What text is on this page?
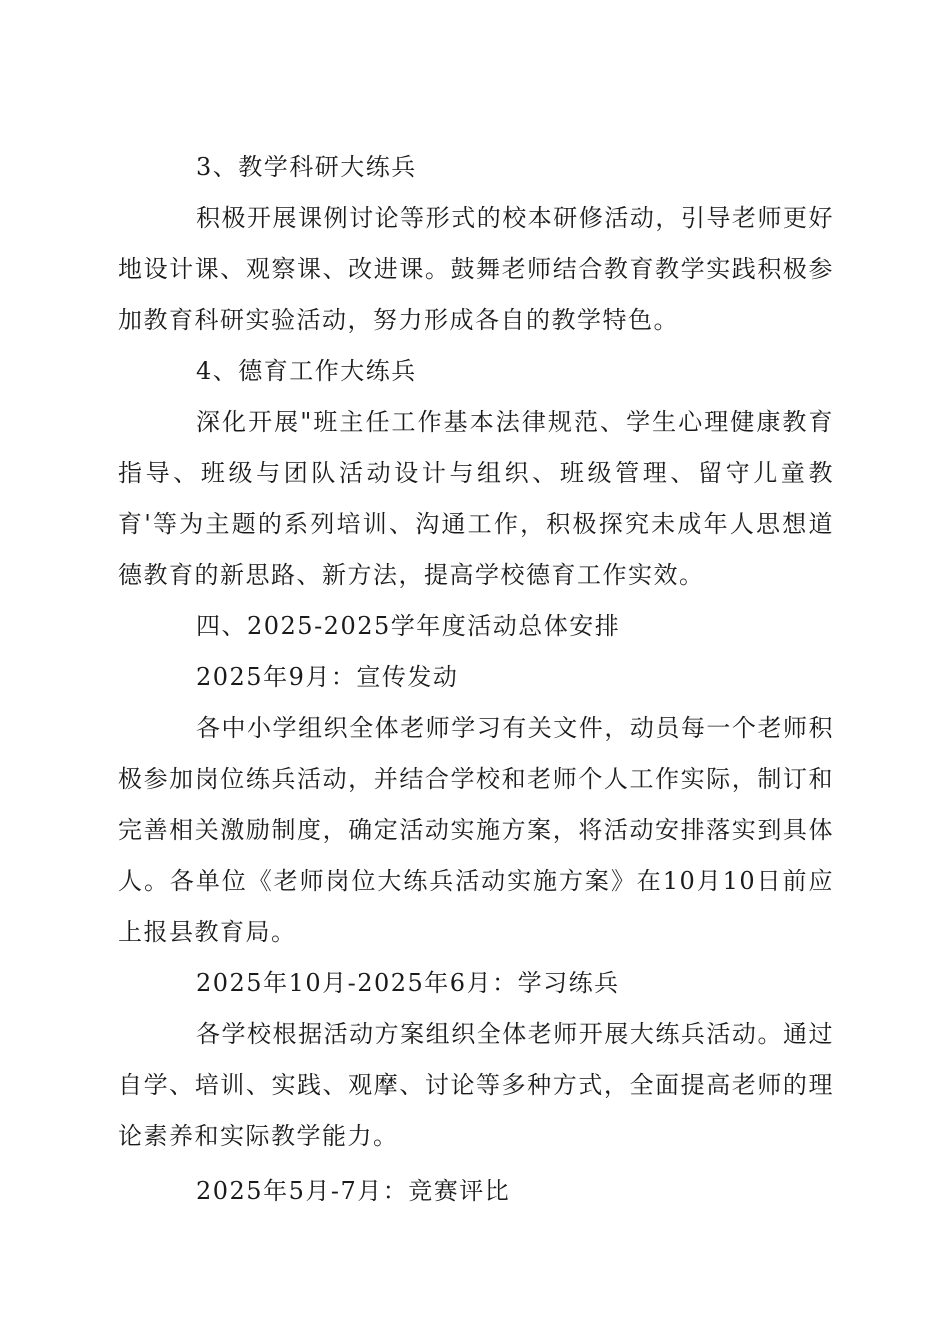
3、教学科研大练兵

积极开展课例讨论等形式的校本研修活动，引导老师更好地设计课、观察课、改进课。鼓舞老师结合教育教学实践积极参加教育科研实验活动，努力形成各自的教学特色。

4、德育工作大练兵

深化开展"班主任工作基本法律规范、学生心理健康教育指导、班级与团队活动设计与组织、班级管理、留守儿童教育'等为主题的系列培训、沟通工作，积极探究未成年人思想道德教育的新思路、新方法，提高学校德育工作实效。

四、2025-2025学年度活动总体安排

2025年9月：宣传发动

各中小学组织全体老师学习有关文件，动员每一个老师积极参加岗位练兵活动，并结合学校和老师个人工作实际，制订和完善相关激励制度，确定活动实施方案，将活动安排落实到具体人。各单位《老师岗位大练兵活动实施方案》在10月10日前应上报县教育局。

2025年10月-2025年6月：学习练兵

各学校根据活动方案组织全体老师开展大练兵活动。通过自学、培训、实践、观摩、讨论等多种方式，全面提高老师的理论素养和实际教学能力。

2025年5月-7月：竞赛评比
